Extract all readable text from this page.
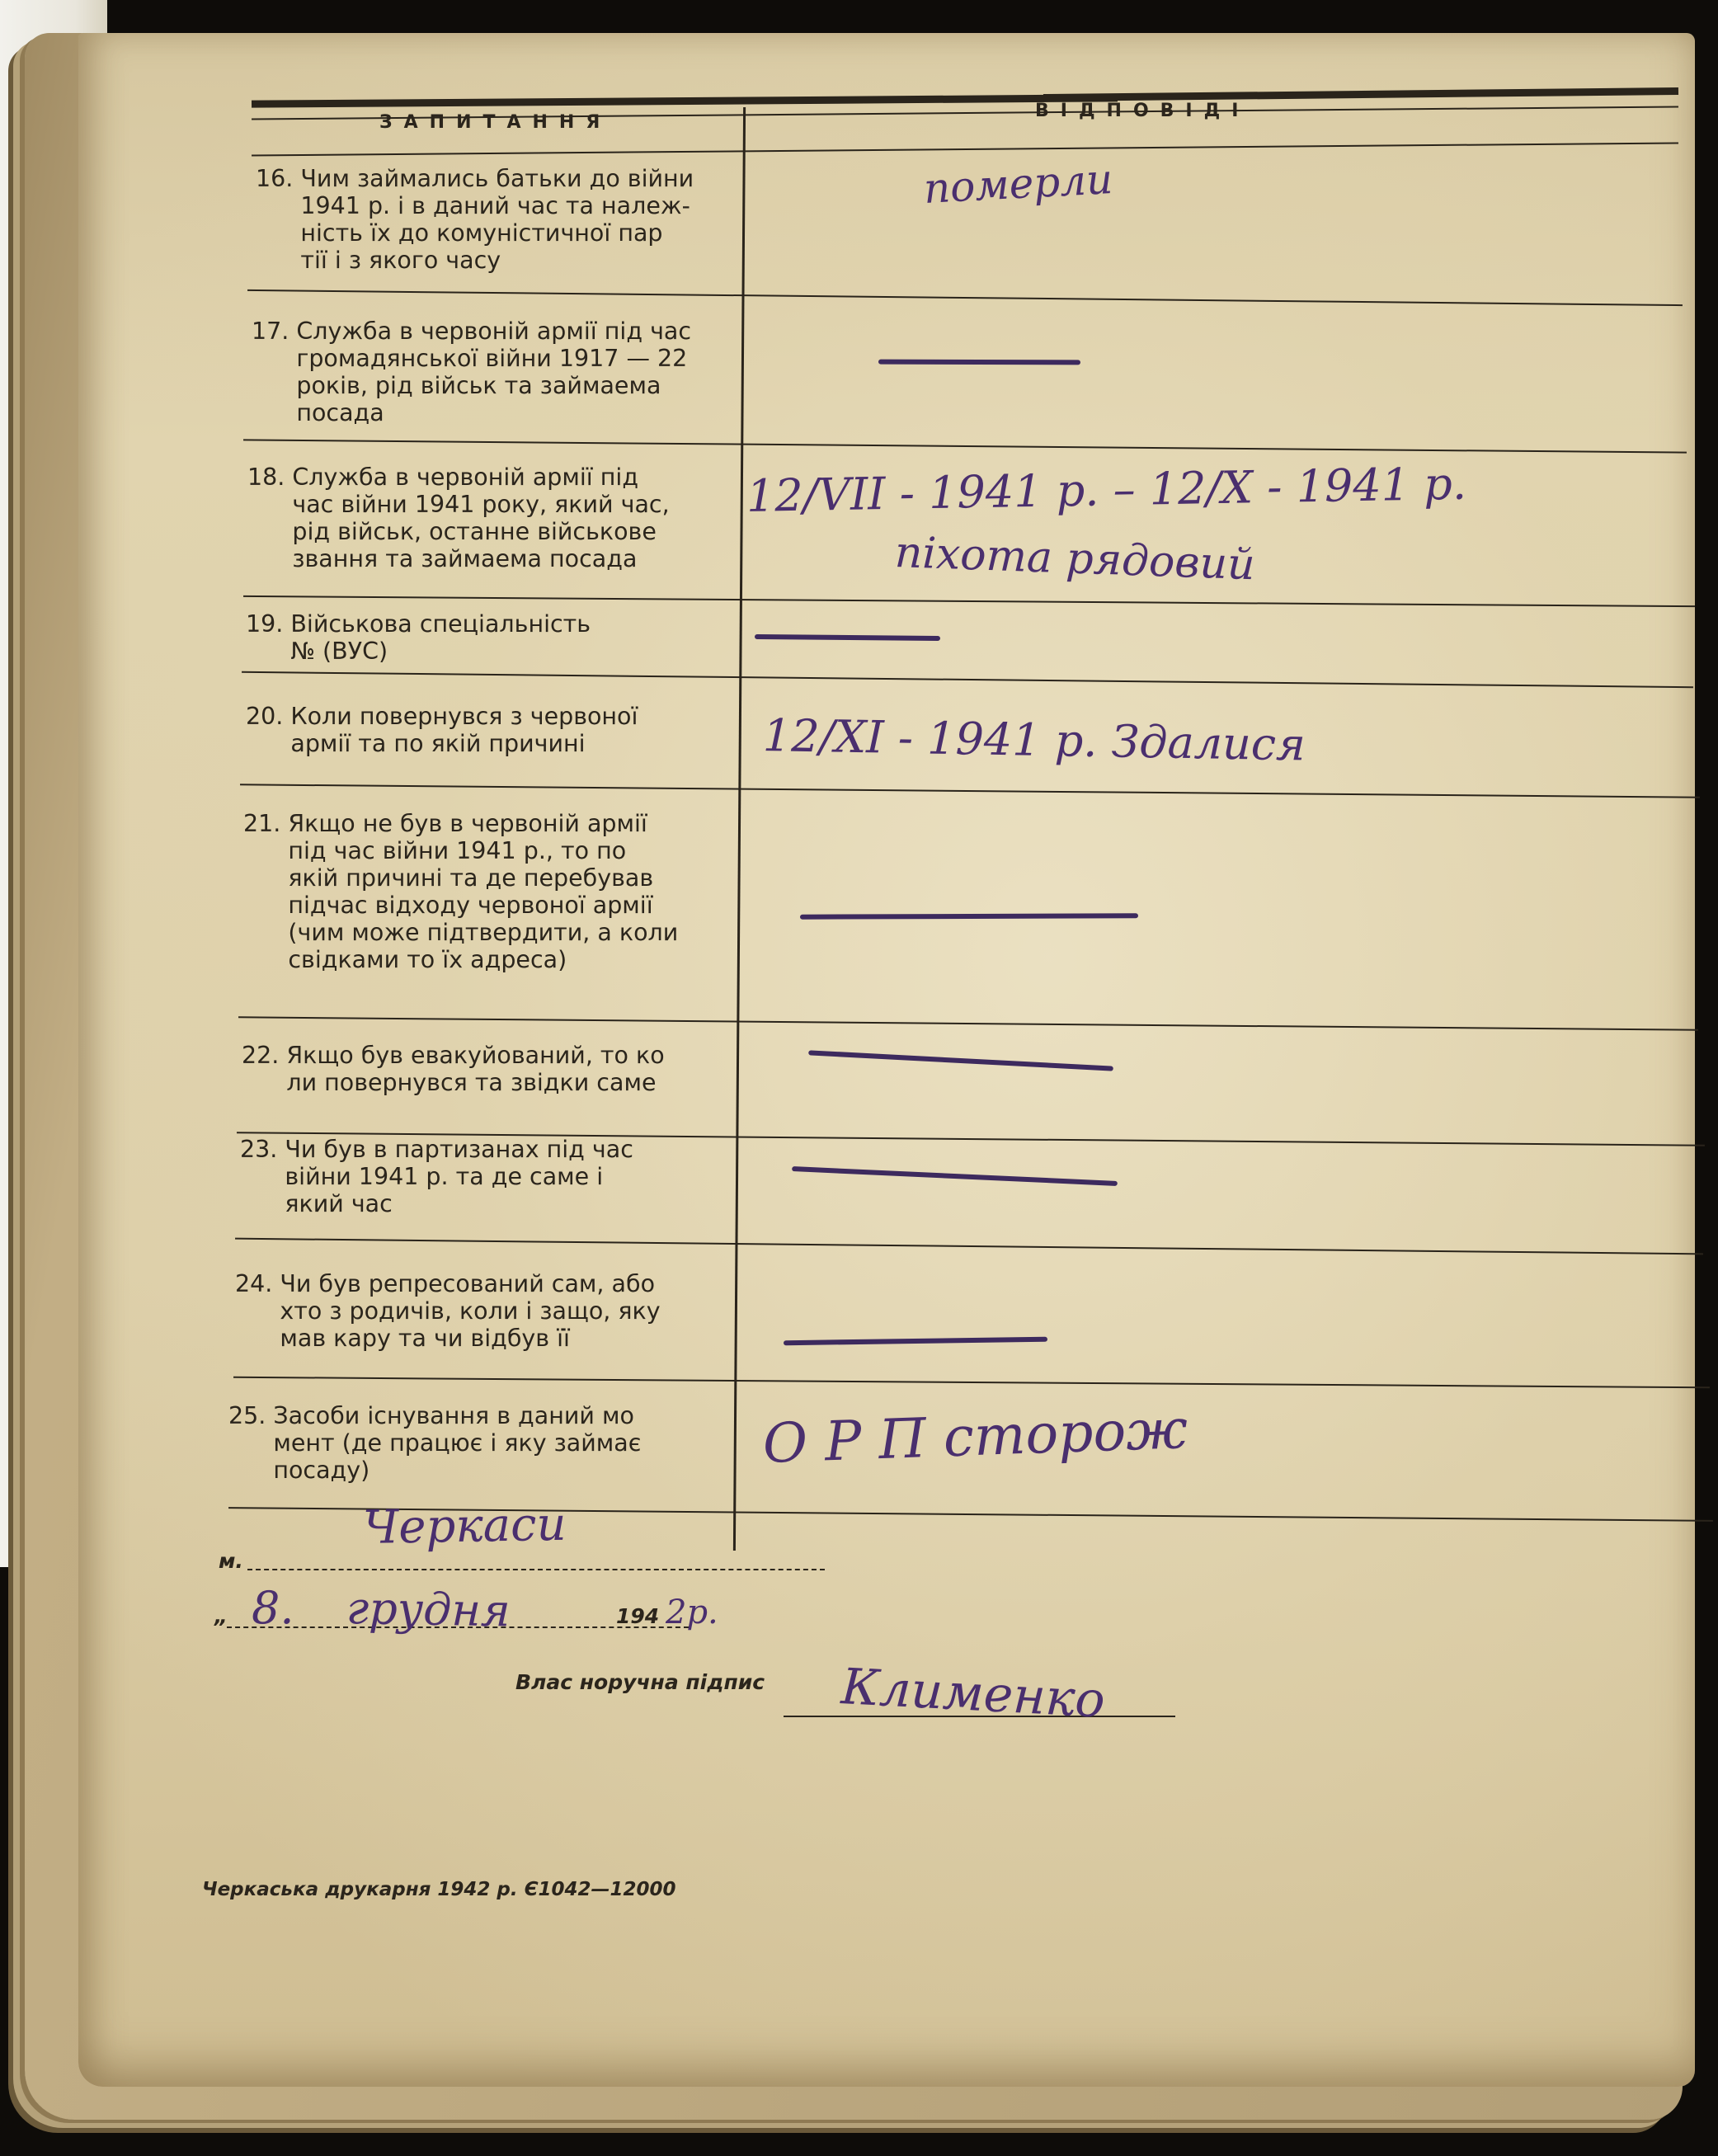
ЗАПИТАННЯ
ВІДПОВІДІ
16. Чим займались батьки до війни
1941 р. і в даний час та належ-
ність їх до комуністичної пар
тії і з якого часу
17. Служба в червоній армії під час
громадянської війни 1917 — 22
років, рід військ та займаема
посада
18. Служба в червоній армії під
час війни 1941 року, який час,
рід військ, останне військове
звання та займаема посада
19. Військова спеціальність
№ (ВУС)
20. Коли повернувся з червоної
армії та по якій причині
21. Якщо не був в червоній армії
під час війни 1941 р., то по
якій причині та де перебував
підчас відходу червоної армії
(чим може підтвердити, а коли
свідками то їх адреса)
22. Якщо був евакуйований, то ко
ли повернувся та звідки саме
23. Чи був в партизанах під час
війни 1941 р. та де саме і
який час
24. Чи був репресований сам, або
хто з родичів, коли і защо, яку
мав кару та чи відбув її
25. Засоби існування в даний мо
мент (де працює і яку займає
посаду)
померли
12/VII - 1941 р. – 12/X - 1941 р.
піхота рядовий
12/XI - 1941 р. Здалися
О Р П сторож
м.
Черкаси
„ 8. грудня	194 2р.
Влас норучна підпис Клименко
Черкаська друкарня 1942 р. Є1042—12000
